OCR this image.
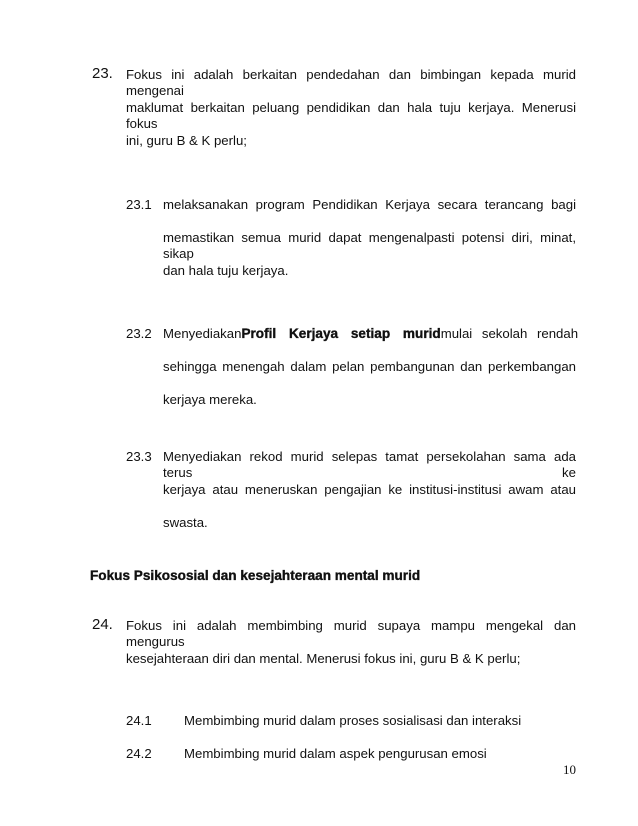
23. Fokus ini adalah berkaitan pendedahan dan bimbingan kepada murid mengenai
maklumat berkaitan peluang pendidikan dan hala tuju kerjaya. Menerusi fokus
ini, guru B & K perlu;
23.1 melaksanakan program Pendidikan Kerjaya secara terancang bagi
memastikan semua murid dapat mengenalpasti potensi diri, minat, sikap
dan hala tuju kerjaya.
23.2 Menyediakan Profil Kerjaya setiap murid mulai sekolah rendah
sehingga menengah dalam pelan pembangunan dan perkembangan
kerjaya mereka.
23.3 Menyediakan rekod murid selepas tamat persekolahan sama ada terus ke
kerjaya atau meneruskan pengajian ke institusi-institusi awam atau
swasta.
Fokus Psikososial dan kesejahteraan mental murid
24. Fokus ini adalah membimbing murid supaya mampu mengekal dan mengurus
kesejahteraan diri dan mental. Menerusi fokus ini, guru B & K perlu;
24.1 Membimbing murid dalam proses sosialisasi dan interaksi
24.2 Membimbing murid dalam aspek pengurusan emosi
10
